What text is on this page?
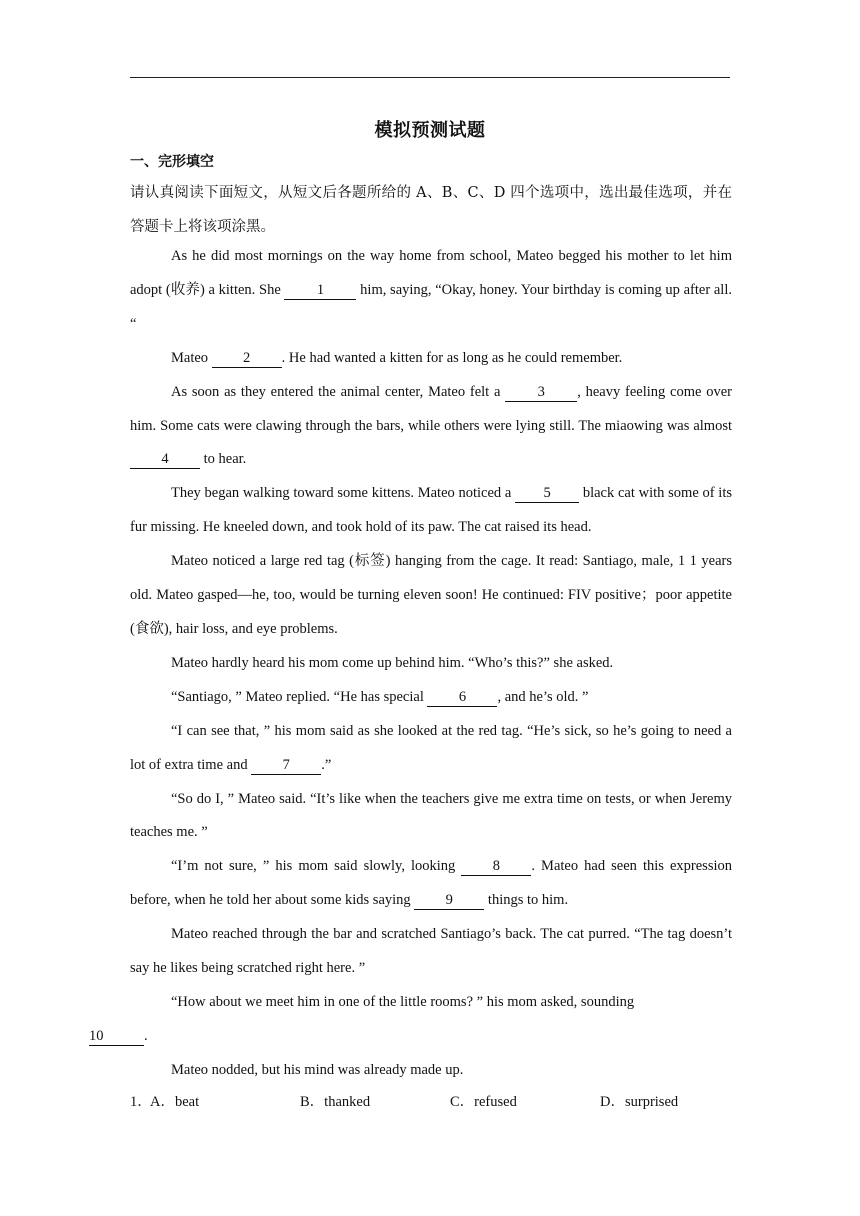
模拟预测试题
一、完形填空
请认真阅读下面短文，从短文后各题所给的 A、B、C、D 四个选项中，选出最佳选项，并在答题卡上将该项涂黑。

As he did most mornings on the way home from school, Mateo begged his mother to let him adopt (收养) a kitten. She 1 him, saying, “Okay, honey. Your birthday is coming up after all. “

Mateo 2 . He had wanted a kitten for as long as he could remember.

As soon as they entered the animal center, Mateo felt a 3 , heavy feeling come over him. Some cats were clawing through the bars, while others were lying still. The miaowing was almost 4 to hear.

They began walking toward some kittens. Mateo noticed a 5 black cat with some of its fur missing. He kneeled down, and took hold of its paw. The cat raised its head.

Mateo noticed a large red tag (标签) hanging from the cage. It read: Santiago, male, 1 1 years old. Mateo gasped—he, too, would be turning eleven soon! He continued: FIV positive；poor appetite (食欲), hair loss, and eye problems.

Mateo hardly heard his mom come up behind him. “Who’s this?” she asked.

“Santiago, ” Mateo replied. “He has special 6 , and he’s old. ”

“I can see that, ” his mom said as she looked at the red tag. “He’s sick, so he’s going to need a lot of extra time and 7 .”

“So do I, ” Mateo said. “It’s like when the teachers give me extra time on tests, or when Jeremy teaches me. ”

“I’m not sure, ” his mom said slowly, looking 8 . Mateo had seen this expression before, when he told her about some kids saying 9 things to him.

Mateo reached through the bar and scratched Santiago’s back. The cat purred. “The tag doesn’t say he likes being scratched right here. ”

“How about we meet him in one of the little rooms? ” his mom asked, sounding
10	.

Mateo nodded, but his mind was already made up.

1．
A．beat	B．thanked	C．refused	D．surprised
